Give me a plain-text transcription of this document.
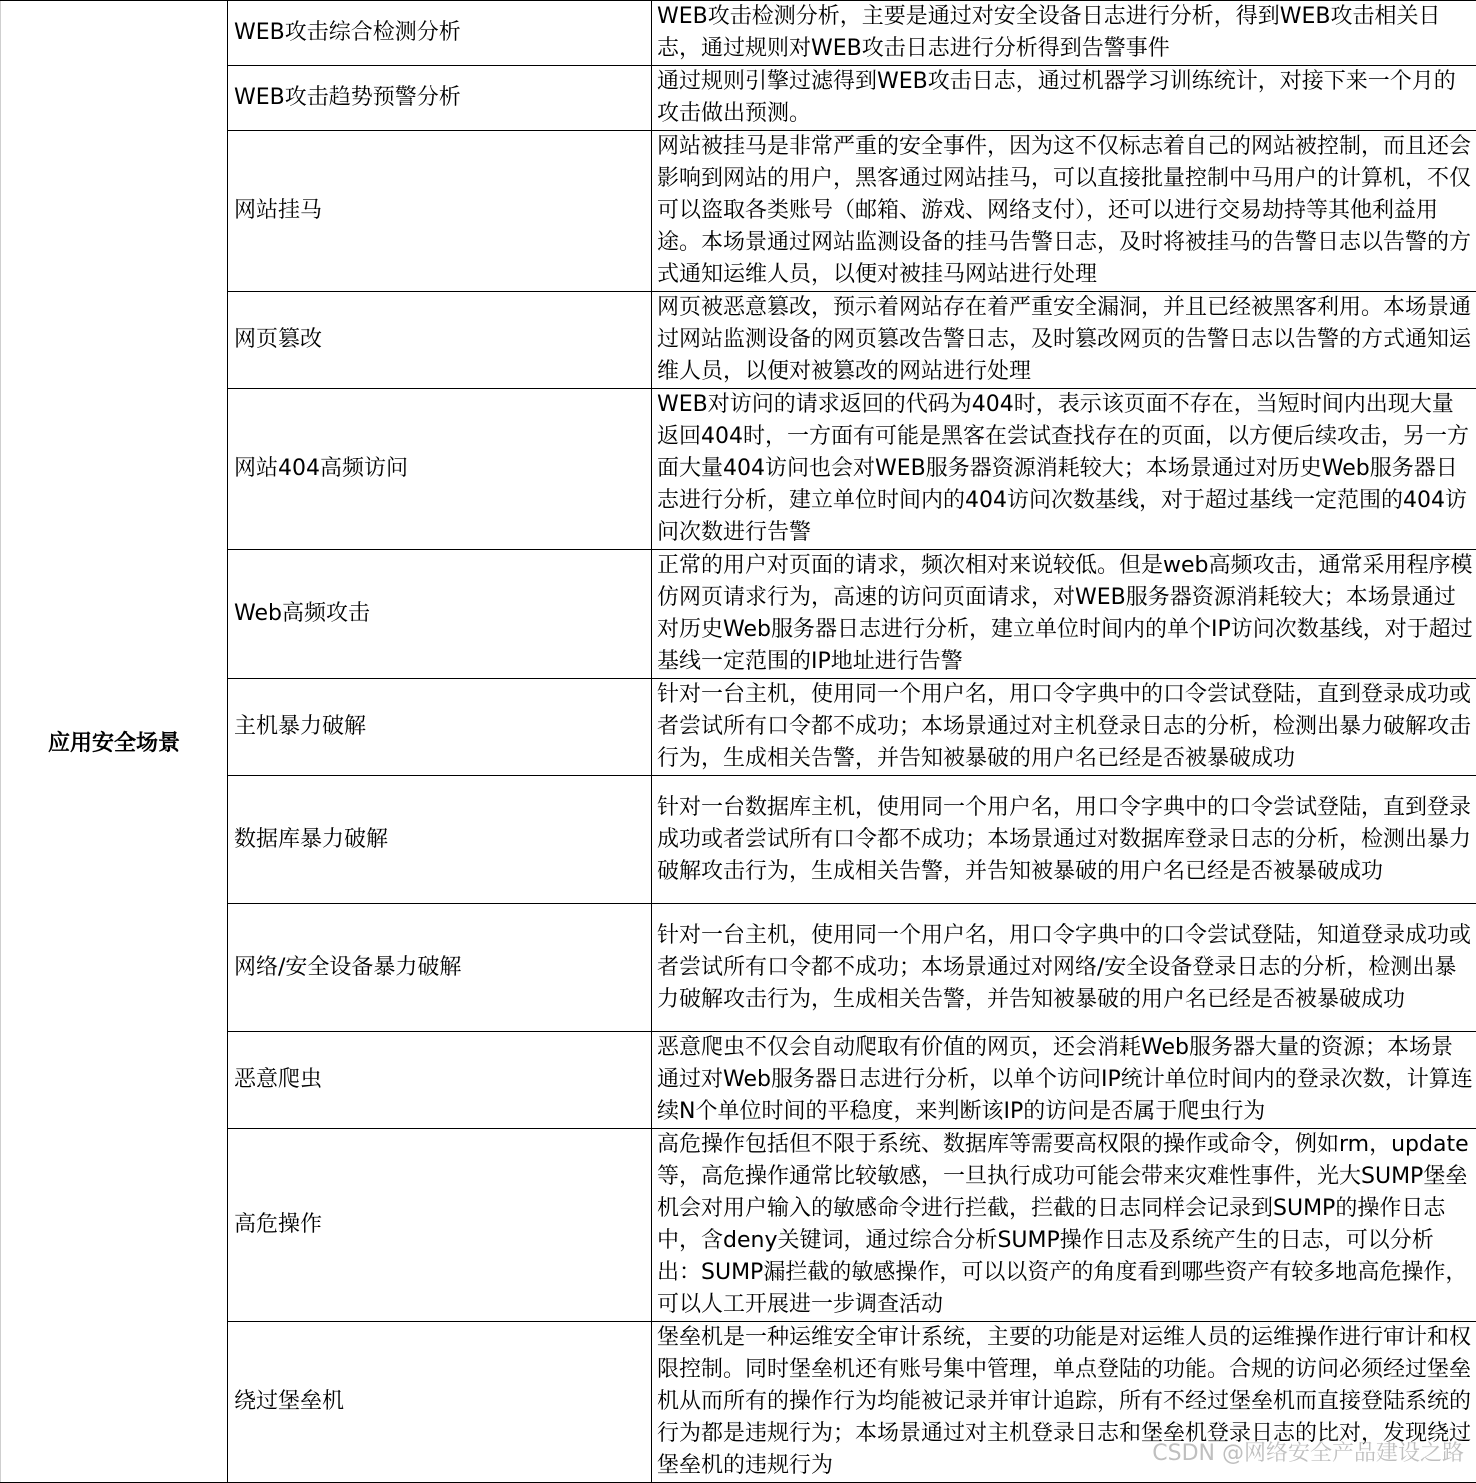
应用安全场景	WEB攻击综合检测分析	WEB攻击检测分析，主要是通过对安全设备日志进行分析，得到WEB攻击相关日志，通过规则对WEB攻击日志进行分析得到告警事件
	WEB攻击趋势预警分析	通过规则引擎过滤得到WEB攻击日志，通过机器学习训练统计，对接下来一个月的攻击做出预测。
	网站挂马	网站被挂马是非常严重的安全事件，因为这不仅标志着自己的网站被控制，而且还会影响到网站的用户，黑客通过网站挂马，可以直接批量控制中马用户的计算机，不仅可以盗取各类账号（邮箱、游戏、网络支付），还可以进行交易劫持等其他利益用途。本场景通过网站监测设备的挂马告警日志，及时将被挂马的告警日志以告警的方式通知运维人员，以便对被挂马网站进行处理
	网页篡改	网页被恶意篡改，预示着网站存在着严重安全漏洞，并且已经被黑客利用。本场景通过网站监测设备的网页篡改告警日志，及时篡改网页的告警日志以告警的方式通知运维人员，以便对被篡改的网站进行处理
	网站404高频访问	WEB对访问的请求返回的代码为404时，表示该页面不存在，当短时间内出现大量返回404时，一方面有可能是黑客在尝试查找存在的页面，以方便后续攻击，另一方面大量404访问也会对WEB服务器资源消耗较大；本场景通过对历史Web服务器日志进行分析，建立单位时间内的404访问次数基线，对于超过基线一定范围的404访问次数进行告警
	Web高频攻击	正常的用户对页面的请求，频次相对来说较低。但是web高频攻击，通常采用程序模仿网页请求行为，高速的访问页面请求，对WEB服务器资源消耗较大；本场景通过对历史Web服务器日志进行分析，建立单位时间内的单个IP访问次数基线，对于超过基线一定范围的IP地址进行告警
	主机暴力破解	针对一台主机，使用同一个用户名，用口令字典中的口令尝试登陆，直到登录成功或者尝试所有口令都不成功；本场景通过对主机登录日志的分析，检测出暴力破解攻击行为，生成相关告警，并告知被暴破的用户名已经是否被暴破成功
	数据库暴力破解	针对一台数据库主机，使用同一个用户名，用口令字典中的口令尝试登陆，直到登录成功或者尝试所有口令都不成功；本场景通过对数据库登录日志的分析，检测出暴力破解攻击行为，生成相关告警，并告知被暴破的用户名已经是否被暴破成功
	网络/安全设备暴力破解	针对一台主机，使用同一个用户名，用口令字典中的口令尝试登陆，知道登录成功或者尝试所有口令都不成功；本场景通过对网络/安全设备登录日志的分析，检测出暴力破解攻击行为，生成相关告警，并告知被暴破的用户名已经是否被暴破成功
	恶意爬虫	恶意爬虫不仅会自动爬取有价值的网页，还会消耗Web服务器大量的资源；本场景通过对Web服务器日志进行分析，以单个访问IP统计单位时间内的登录次数，计算连续N个单位时间的平稳度，来判断该IP的访问是否属于爬虫行为
	高危操作	高危操作包括但不限于系统、数据库等需要高权限的操作或命令，例如rm，update等，高危操作通常比较敏感，一旦执行成功可能会带来灾难性事件，光大SUMP堡垒机会对用户输入的敏感命令进行拦截，拦截的日志同样会记录到SUMP的操作日志中，含deny关键词，通过综合分析SUMP操作日志及系统产生的日志，可以分析出：SUMP漏拦截的敏感操作，可以以资产的角度看到哪些资产有较多地高危操作，可以人工开展进一步调查活动
	绕过堡垒机	堡垒机是一种运维安全审计系统，主要的功能是对运维人员的运维操作进行审计和权限控制。同时堡垒机还有账号集中管理，单点登陆的功能。合规的访问必须经过堡垒机从而所有的操作行为均能被记录并审计追踪，所有不经过堡垒机而直接登陆系统的行为都是违规行为；本场景通过对主机登录日志和堡垒机登录日志的比对，发现绕过堡垒机的违规行为	CSDN @网络安全产品建设之路
